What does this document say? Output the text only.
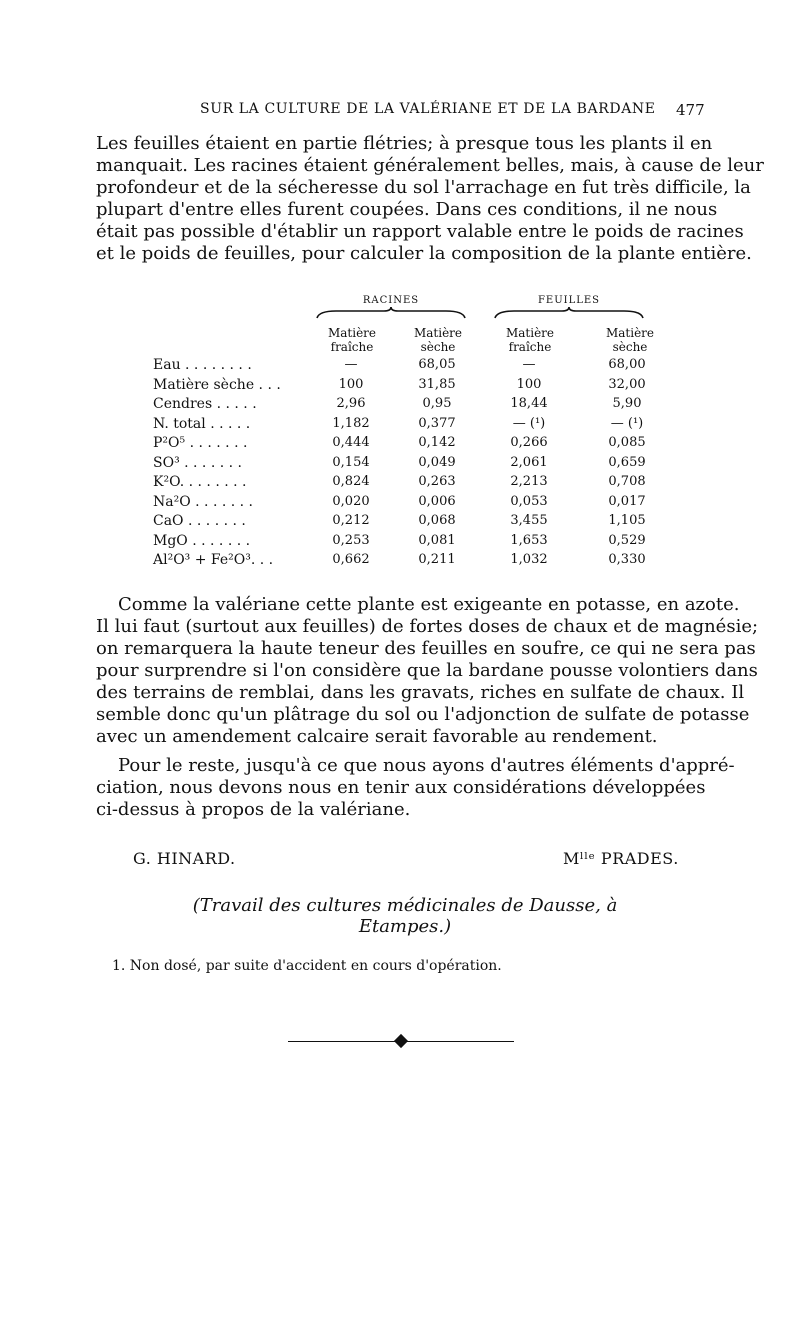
SUR LA CULTURE DE LA VALÉRIANE ET DE LA BARDANE 477
Les feuilles étaient en partie flétries; à presque tous les plants il en
manquait. Les racines étaient généralement belles, mais, à cause de leur
profondeur et de la sécheresse du sol l'arrachage en fut très difficile, la
plupart d'entre elles furent coupées. Dans ces conditions, il ne nous
était pas possible d'établir un rapport valable entre le poids de racines
et le poids de feuilles, pour calculer la composition de la plante entière.
RACINES	FEUILLES
Matière
fraîche
Matière
sèche
Matière
fraîche
Matière
sèche
Eau . . . . . . . .	—	68,05	—	68,00
Matière sèche . . .	100	31,85	100	32,00
Cendres . . . . .	2,96	0,95	18,44	5,90
N. total . . . . .	1,182	0,377	— (¹)	— (¹)
P²O⁵ . . . . . . .	0,444	0,142	0,266	0,085
SO³ . . . . . . .	0,154	0,049	2,061	0,659
K²O. . . . . . . .	0,824	0,263	2,213	0,708
Na²O . . . . . . .	0,020	0,006	0,053	0,017
CaO . . . . . . .	0,212	0,068	3,455	1,105
MgO . . . . . . .	0,253	0,081	1,653	0,529
Al²O³ + Fe²O³. . .	0,662	0,211	1,032	0,330
Comme la valériane cette plante est exigeante en potasse, en azote.
Il lui faut (surtout aux feuilles) de fortes doses de chaux et de magnésie;
on remarquera la haute teneur des feuilles en soufre, ce qui ne sera pas
pour surprendre si l'on considère que la bardane pousse volontiers dans
des terrains de remblai, dans les gravats, riches en sulfate de chaux. Il
semble donc qu'un plâtrage du sol ou l'adjonction de sulfate de potasse
avec un amendement calcaire serait favorable au rendement.
Pour le reste, jusqu'à ce que nous ayons d'autres éléments d'appré-
ciation, nous devons nous en tenir aux considérations développées
ci-dessus à propos de la valériane.
G. HINARD.	Mˡˡᵉ PRADES.
(Travail des cultures médicinales de Dausse, à Etampes.)
1. Non dosé, par suite d'accident en cours d'opération.
